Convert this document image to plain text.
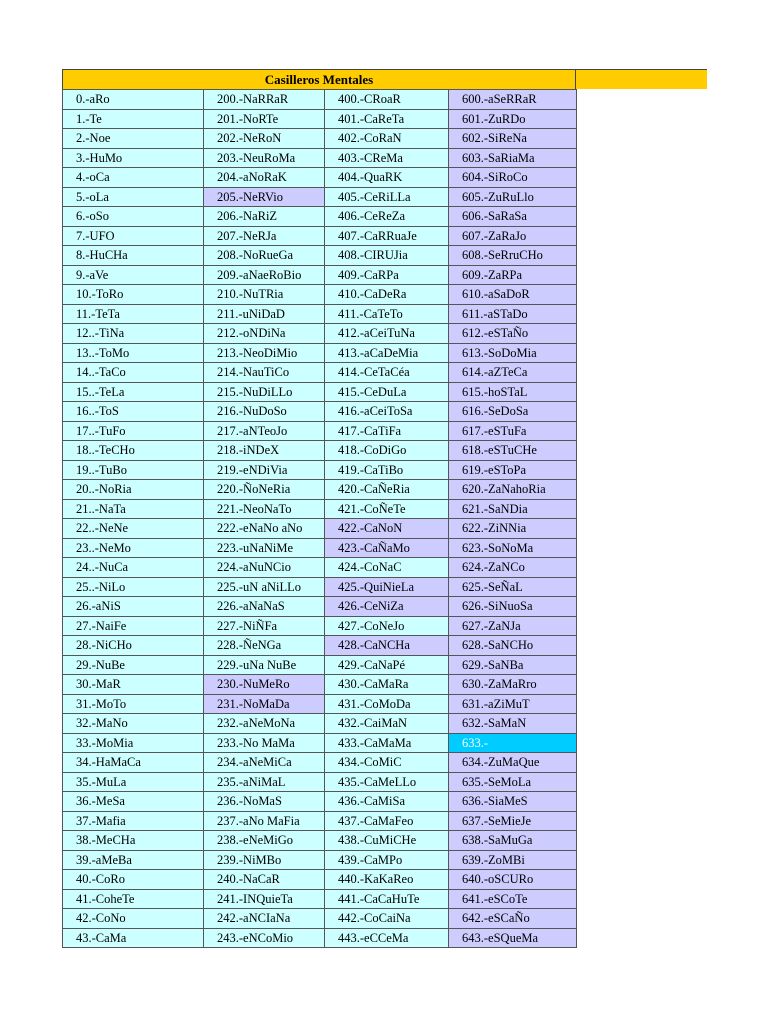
Casilleros Mentales
0.-aRo	200.-NaRRaR	400.-CRoaR	600.-aSeRRaR
1.-Te	201.-NoRTe	401.-CaReTa	601.-ZuRDo
2.-Noe	202.-NeRoN	402.-CoRaN	602.-SiReNa
3.-HuMo	203.-NeuRoMa	403.-CReMa	603.-SaRiaMa
4.-oCa	204.-aNoRaK	404.-QuaRK	604.-SiRoCo
5.-oLa	205.-NeRVio	405.-CeRiLLa	605.-ZuRuLlo
6.-oSo	206.-NaRiZ	406.-CeReZa	606.-SaRaSa
7.-UFO	207.-NeRJa	407.-CaRRuaJe	607.-ZaRaJo
8.-HuCHa	208.-NoRueGa	408.-CIRUJia	608.-SeRruCHo
9.-aVe	209.-aNaeRoBio	409.-CaRPa	609.-ZaRPa
10.-ToRo	210.-NuTRia	410.-CaDeRa	610.-aSaDoR
11.-TeTa	211.-uNiDaD	411.-CaTeTo	611.-aSTaDo
12..-TiNa	212.-oNDiNa	412.-aCeiTuNa	612.-eSTaÑo
13..-ToMo	213.-NeoDiMio	413.-aCaDeMia	613.-SoDoMia
14..-TaCo	214.-NauTiCo	414.-CeTaCéa	614.-aZTeCa
15..-TeLa	215.-NuDiLLo	415.-CeDuLa	615.-hoSTaL
16..-ToS	216.-NuDoSo	416.-aCeiToSa	616.-SeDoSa
17..-TuFo	217.-aNTeoJo	417.-CaTiFa	617.-eSTuFa
18..-TeCHo	218.-iNDeX	418.-CoDiGo	618.-eSTuCHe
19..-TuBo	219.-eNDiVia	419.-CaTiBo	619.-eSToPa
20..-NoRia	220.-ÑoNeRia	420.-CaÑeRia	620.-ZaNahoRia
21..-NaTa	221.-NeoNaTo	421.-CoÑeTe	621.-SaNDia
22..-NeNe	222.-eNaNo aNo	422.-CaNoN	622.-ZiNNia
23..-NeMo	223.-uNaNiMe	423.-CaÑaMo	623.-SoNoMa
24..-NuCa	224.-aNuNCio	424.-CoNaC	624.-ZaNCo
25..-NiLo	225.-uN aNiLLo	425.-QuiNieLa	625.-SeÑaL
26.-aNiS	226.-aNaNaS	426.-CeNiZa	626.-SiNuoSa
27.-NaiFe	227.-NiÑFa	427.-CoNeJo	627.-ZaNJa
28.-NiCHo	228.-ÑeNGa	428.-CaNCHa	628.-SaNCHo
29.-NuBe	229.-uNa NuBe	429.-CaNaPé	629.-SaNBa
30.-MaR	230.-NuMeRo	430.-CaMaRa	630.-ZaMaRro
31.-MoTo	231.-NoMaDa	431.-CoMoDa	631.-aZiMuT
32.-MaNo	232.-aNeMoNa	432.-CaiMaN	632.-SaMaN
33.-MoMia	233.-No MaMa	433.-CaMaMa	633.-
34.-HaMaCa	234.-aNeMiCa	434.-CoMiC	634.-ZuMaQue
35.-MuLa	235.-aNiMaL	435.-CaMeLLo	635.-SeMoLa
36.-MeSa	236.-NoMaS	436.-CaMiSa	636.-SiaMeS
37.-Mafia	237.-aNo MaFia	437.-CaMaFeo	637.-SeMieJe
38.-MeCHa	238.-eNeMiGo	438.-CuMiCHe	638.-SaMuGa
39.-aMeBa	239.-NiMBo	439.-CaMPo	639.-ZoMBi
40.-CoRo	240.-NaCaR	440.-KaKaReo	640.-oSCURo
41.-CoheTe	241.-INQuieTa	441.-CaCaHuTe	641.-eSCoTe
42.-CoNo	242.-aNCIaNa	442.-CoCaiNa	642.-eSCaÑo
43.-CaMa	243.-eNCoMio	443.-eCCeMa	643.-eSQueMa
